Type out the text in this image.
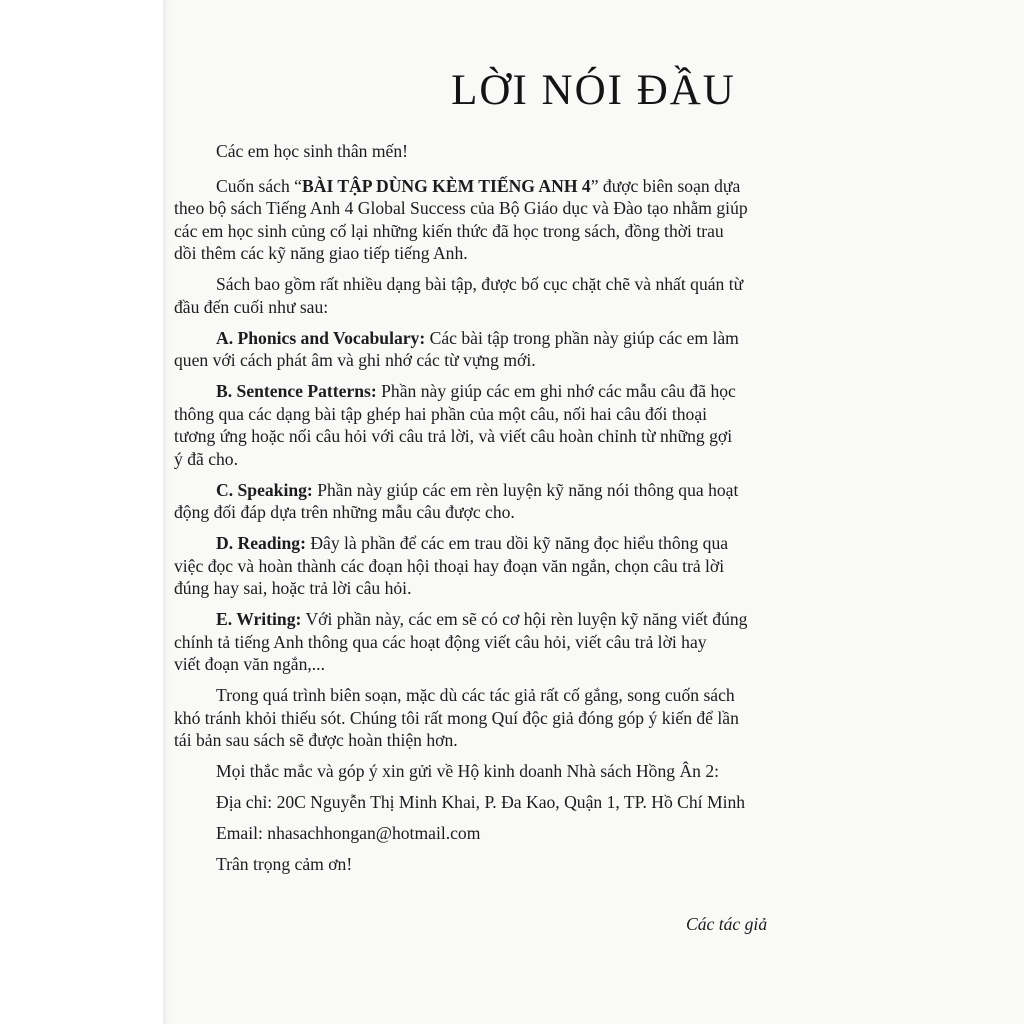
LỜI NÓI ĐẦU

Các em học sinh thân mến!

Cuốn sách “BÀI TẬP DÙNG KÈM TIẾNG ANH 4” được biên soạn dựa
theo bộ sách Tiếng Anh 4 Global Success của Bộ Giáo dục và Đào tạo nhằm giúp
các em học sinh củng cố lại những kiến thức đã học trong sách, đồng thời trau
dồi thêm các kỹ năng giao tiếp tiếng Anh.

Sách bao gồm rất nhiều dạng bài tập, được bố cục chặt chẽ và nhất quán từ
đầu đến cuối như sau:

A. Phonics and Vocabulary: Các bài tập trong phần này giúp các em làm
quen với cách phát âm và ghi nhớ các từ vựng mới.

B. Sentence Patterns: Phần này giúp các em ghi nhớ các mẫu câu đã học
thông qua các dạng bài tập ghép hai phần của một câu, nối hai câu đối thoại
tương ứng hoặc nối câu hỏi với câu trả lời, và viết câu hoàn chỉnh từ những gợi
ý đã cho.

C. Speaking: Phần này giúp các em rèn luyện kỹ năng nói thông qua hoạt
động đối đáp dựa trên những mẫu câu được cho.

D. Reading: Đây là phần để các em trau dồi kỹ năng đọc hiểu thông qua
việc đọc và hoàn thành các đoạn hội thoại hay đoạn văn ngắn, chọn câu trả lời
đúng hay sai, hoặc trả lời câu hỏi.

E. Writing: Với phần này, các em sẽ có cơ hội rèn luyện kỹ năng viết đúng
chính tả tiếng Anh thông qua các hoạt động viết câu hỏi, viết câu trả lời hay
viết đoạn văn ngắn,...

Trong quá trình biên soạn, mặc dù các tác giả rất cố gắng, song cuốn sách
khó tránh khỏi thiếu sót. Chúng tôi rất mong Quí độc giả đóng góp ý kiến để lần
tái bản sau sách sẽ được hoàn thiện hơn.

Mọi thắc mắc và góp ý xin gửi về Hộ kinh doanh Nhà sách Hồng Ân 2:

Địa chỉ: 20C Nguyễn Thị Minh Khai, P. Đa Kao, Quận 1, TP. Hồ Chí Minh

Email: nhasachhongan@hotmail.com

Trân trọng cảm ơn!

Các tác giả
